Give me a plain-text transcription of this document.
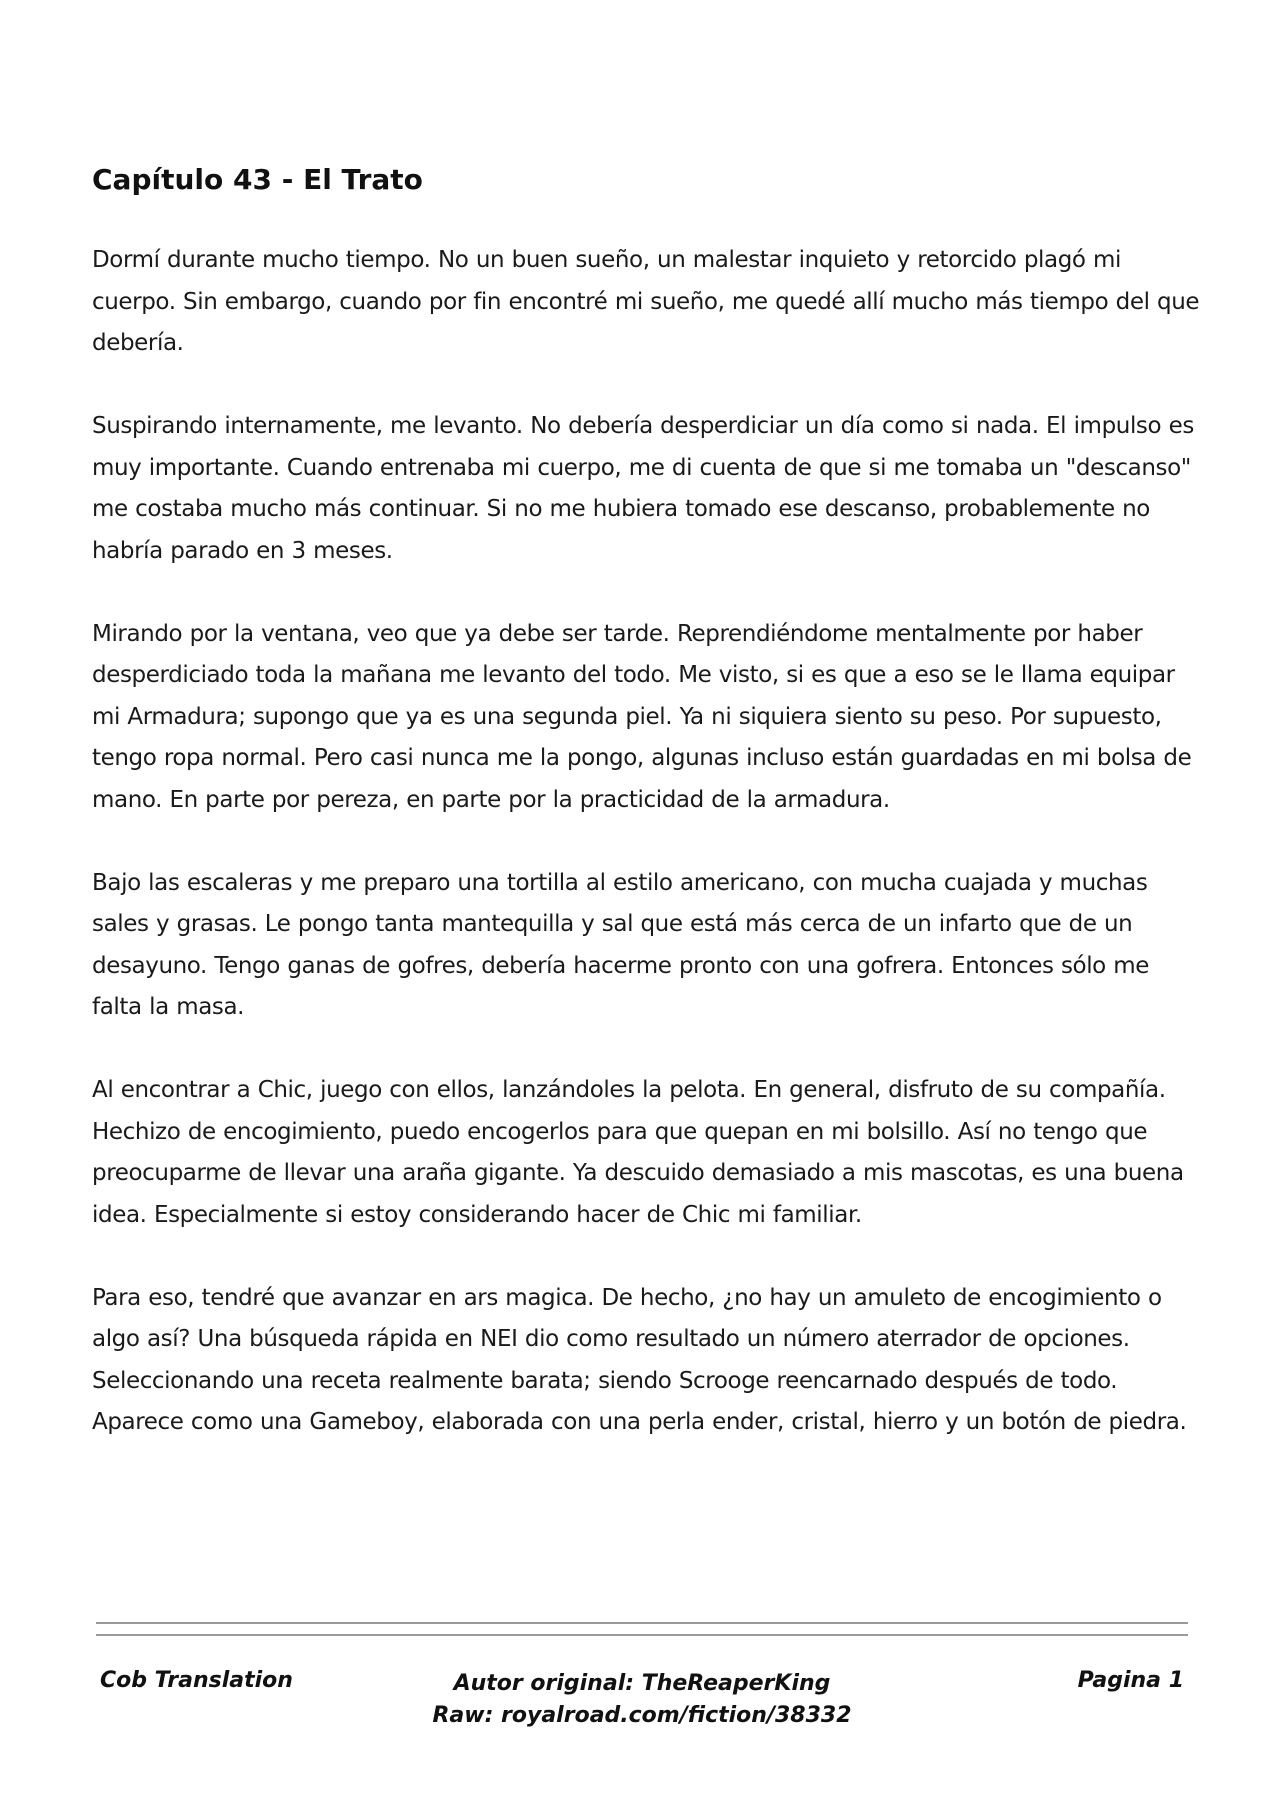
Capítulo 43 - El Trato

Dormí durante mucho tiempo. No un buen sueño, un malestar inquieto y retorcido plagó mi cuerpo. Sin embargo, cuando por fin encontré mi sueño, me quedé allí mucho más tiempo del que debería.

Suspirando internamente, me levanto. No debería desperdiciar un día como si nada. El impulso es muy importante. Cuando entrenaba mi cuerpo, me di cuenta de que si me tomaba un "descanso" me costaba mucho más continuar. Si no me hubiera tomado ese descanso, probablemente no habría parado en 3 meses.

Mirando por la ventana, veo que ya debe ser tarde. Reprendiéndome mentalmente por haber desperdiciado toda la mañana me levanto del todo. Me visto, si es que a eso se le llama equipar mi Armadura; supongo que ya es una segunda piel. Ya ni siquiera siento su peso. Por supuesto, tengo ropa normal. Pero casi nunca me la pongo, algunas incluso están guardadas en mi bolsa de mano. En parte por pereza, en parte por la practicidad de la armadura.

Bajo las escaleras y me preparo una tortilla al estilo americano, con mucha cuajada y muchas sales y grasas. Le pongo tanta mantequilla y sal que está más cerca de un infarto que de un desayuno. Tengo ganas de gofres, debería hacerme pronto con una gofrera. Entonces sólo me falta la masa.

Al encontrar a Chic, juego con ellos, lanzándoles la pelota. En general, disfruto de su compañía. Hechizo de encogimiento, puedo encogerlos para que quepan en mi bolsillo. Así no tengo que preocuparme de llevar una araña gigante. Ya descuido demasiado a mis mascotas, es una buena idea. Especialmente si estoy considerando hacer de Chic mi familiar.

Para eso, tendré que avanzar en ars magica. De hecho, ¿no hay un amuleto de encogimiento o algo así? Una búsqueda rápida en NEI dio como resultado un número aterrador de opciones. Seleccionando una receta realmente barata; siendo Scrooge reencarnado después de todo. Aparece como una Gameboy, elaborada con una perla ender, cristal, hierro y un botón de piedra.

Cob Translation	Autor original: TheReaperKing
Raw: royalroad.com/fiction/38332
Pagina 1
